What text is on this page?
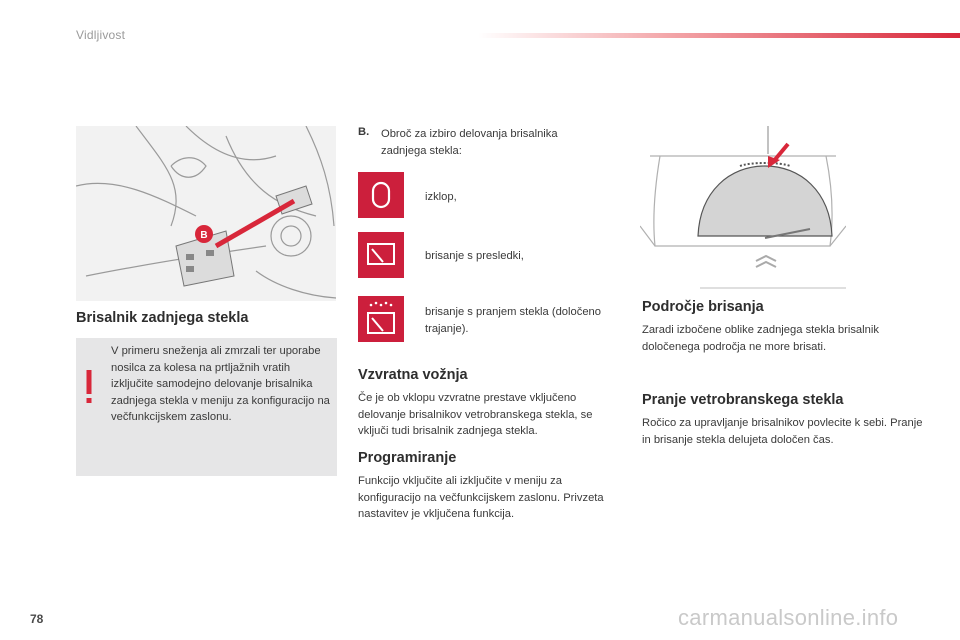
Vidljivost
B
Brisalnik zadnjega stekla
V primeru sneženja ali zmrzali ter uporabe nosilca za kolesa na prtljažnih vratih izklјučite samodejno delovanje brisalnika zadnjega stekla v meniju za konfiguracijo na večfunkcijskem zaslonu.
B. Obroč za izbiro delovanja brisalnika zadnjega stekla:
izklop,
brisanje s presledki,
brisanje s pranjem stekla (določeno trajanje).
Vzvratna vožnja
Če je ob vklopu vzvratne prestave vključeno delovanje brisalnikov vetrobranskega stekla, se vključi tudi brisalnik zadnjega stekla.
Programiranje
Funkcijo vključite ali izključite v meniju za konfiguracijo na večfunkcijskem zaslonu. Privzeta nastavitev je vključena funkcija.
Področje brisanja
Zaradi izbočene oblike zadnjega stekla brisalnik določenega področja ne more brisati.
Pranje vetrobranskega stekla
Ročico za upravljanje brisalnikov povlecite k sebi. Pranje in brisanje stekla delujeta določen čas.
78	carmanualsonline.info
